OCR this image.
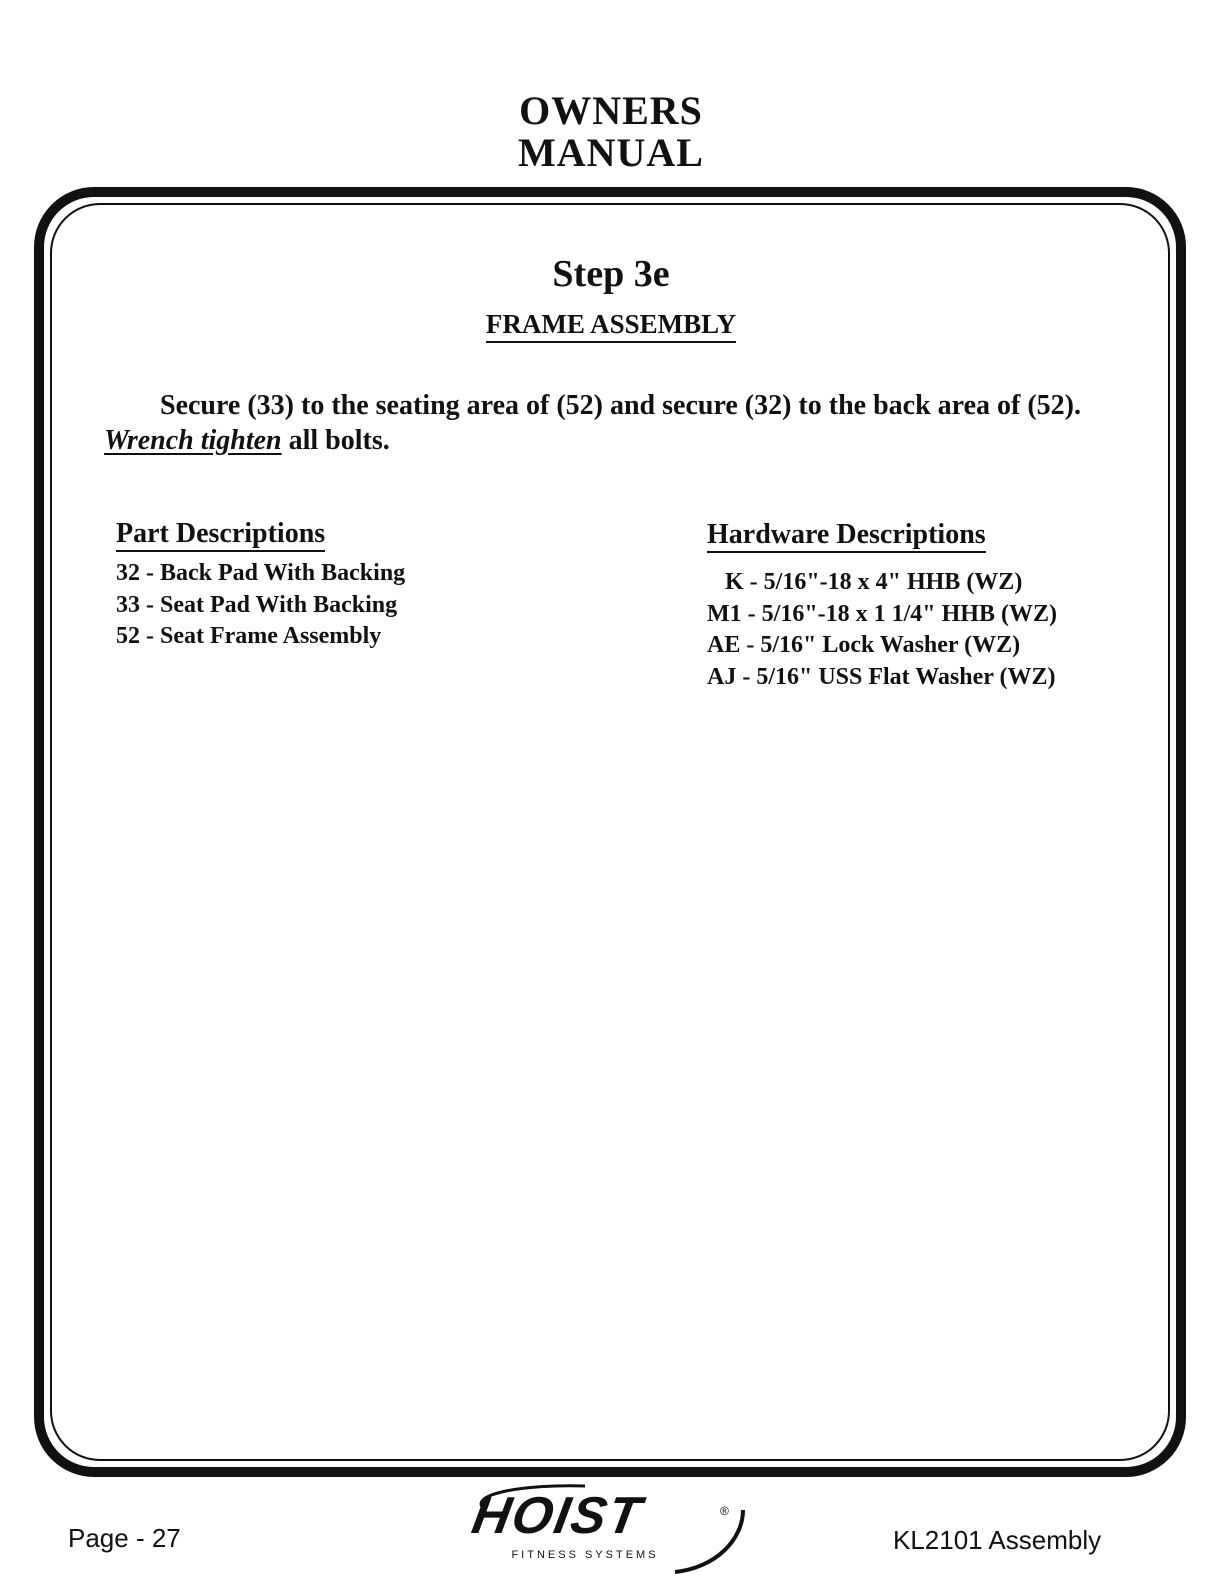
OWNERS
MANUAL
Step 3e
FRAME ASSEMBLY
Secure (33) to the seating area of (52) and secure (32) to the back area of (52). Wrench tighten all bolts.
Part Descriptions
32 - Back Pad With Backing
33 - Seat Pad With Backing
52 - Seat Frame Assembly
Hardware Descriptions
K - 5/16"-18 x 4" HHB (WZ)
M1 - 5/16"-18 x 1 1/4" HHB (WZ)
AE - 5/16" Lock Washer (WZ)
AJ - 5/16" USS Flat Washer (WZ)
Page - 27	HOIST	®
FITNESS SYSTEMS	KL2101 Assembly
